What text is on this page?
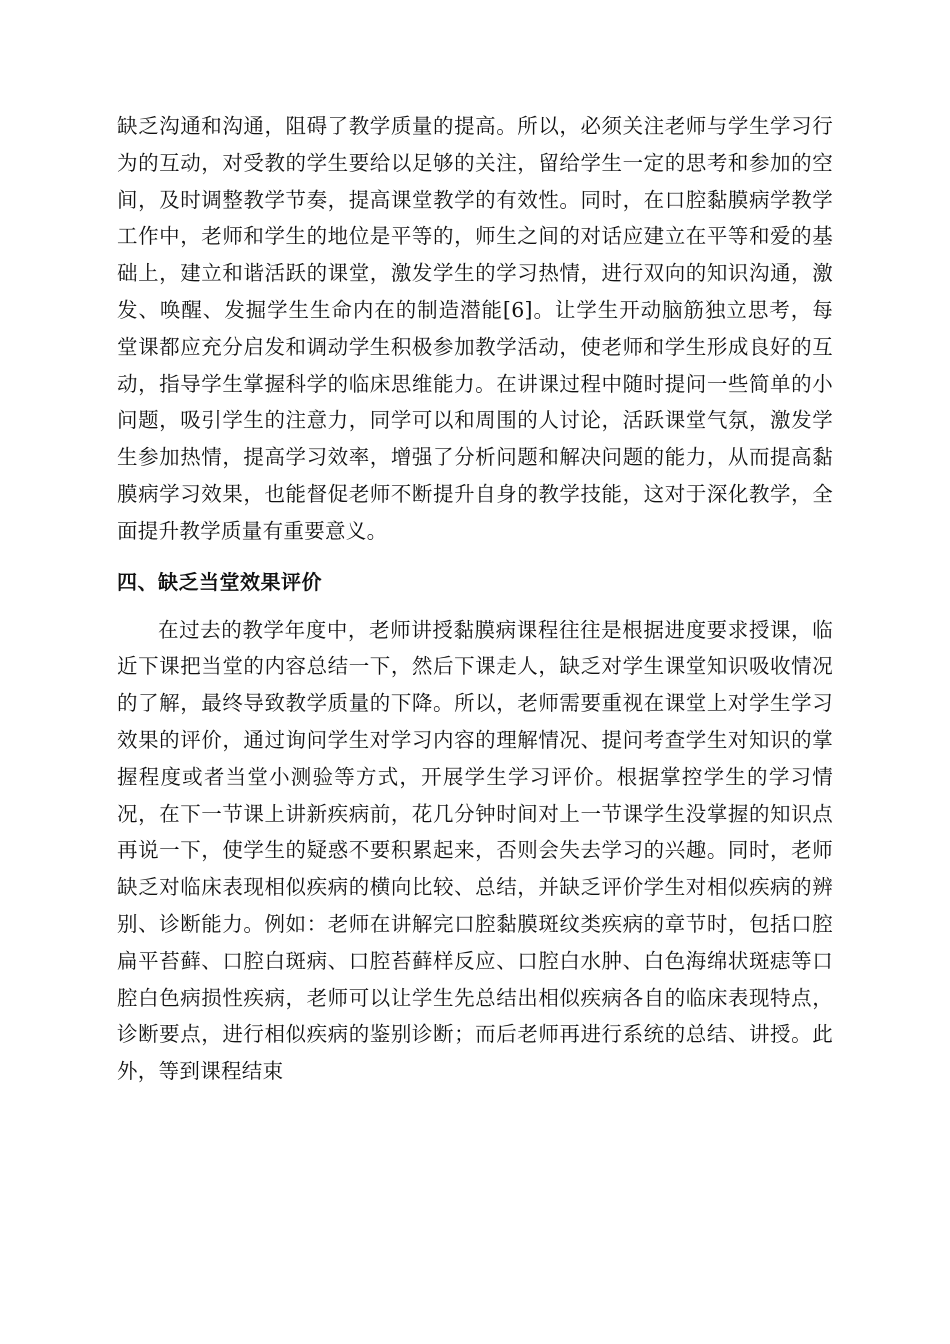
缺乏沟通和沟通，阻碍了教学质量的提高。所以，必须关注老师与学生学习行为的互动，对受教的学生要给以足够的关注，留给学生一定的思考和参加的空间，及时调整教学节奏，提高课堂教学的有效性。同时，在口腔黏膜病学教学工作中，老师和学生的地位是平等的，师生之间的对话应建立在平等和爱的基础上，建立和谐活跃的课堂，激发学生的学习热情，进行双向的知识沟通，激发、唤醒、发掘学生生命内在的制造潜能[6]。让学生开动脑筋独立思考，每堂课都应充分启发和调动学生积极参加教学活动，使老师和学生形成良好的互动，指导学生掌握科学的临床思维能力。在讲课过程中随时提问一些简单的小问题，吸引学生的注意力，同学可以和周围的人讨论，活跃课堂气氛，激发学生参加热情，提高学习效率，增强了分析问题和解决问题的能力，从而提高黏膜病学习效果，也能督促老师不断提升自身的教学技能，这对于深化教学，全面提升教学质量有重要意义。

四、缺乏当堂效果评价

在过去的教学年度中，老师讲授黏膜病课程往往是根据进度要求授课，临近下课把当堂的内容总结一下，然后下课走人，缺乏对学生课堂知识吸收情况的了解，最终导致教学质量的下降。所以，老师需要重视在课堂上对学生学习效果的评价，通过询问学生对学习内容的理解情况、提问考查学生对知识的掌握程度或者当堂小测验等方式，开展学生学习评价。根据掌控学生的学习情况，在下一节课上讲新疾病前，花几分钟时间对上一节课学生没掌握的知识点再说一下，使学生的疑惑不要积累起来，否则会失去学习的兴趣。同时，老师缺乏对临床表现相似疾病的横向比较、总结，并缺乏评价学生对相似疾病的辨别、诊断能力。例如：老师在讲解完口腔黏膜斑纹类疾病的章节时，包括口腔扁平苔藓、口腔白斑病、口腔苔藓样反应、口腔白水肿、白色海绵状斑痣等口腔白色病损性疾病，老师可以让学生先总结出相似疾病各自的临床表现特点，诊断要点，进行相似疾病的鉴别诊断；而后老师再进行系统的总结、讲授。此外，等到课程结束
